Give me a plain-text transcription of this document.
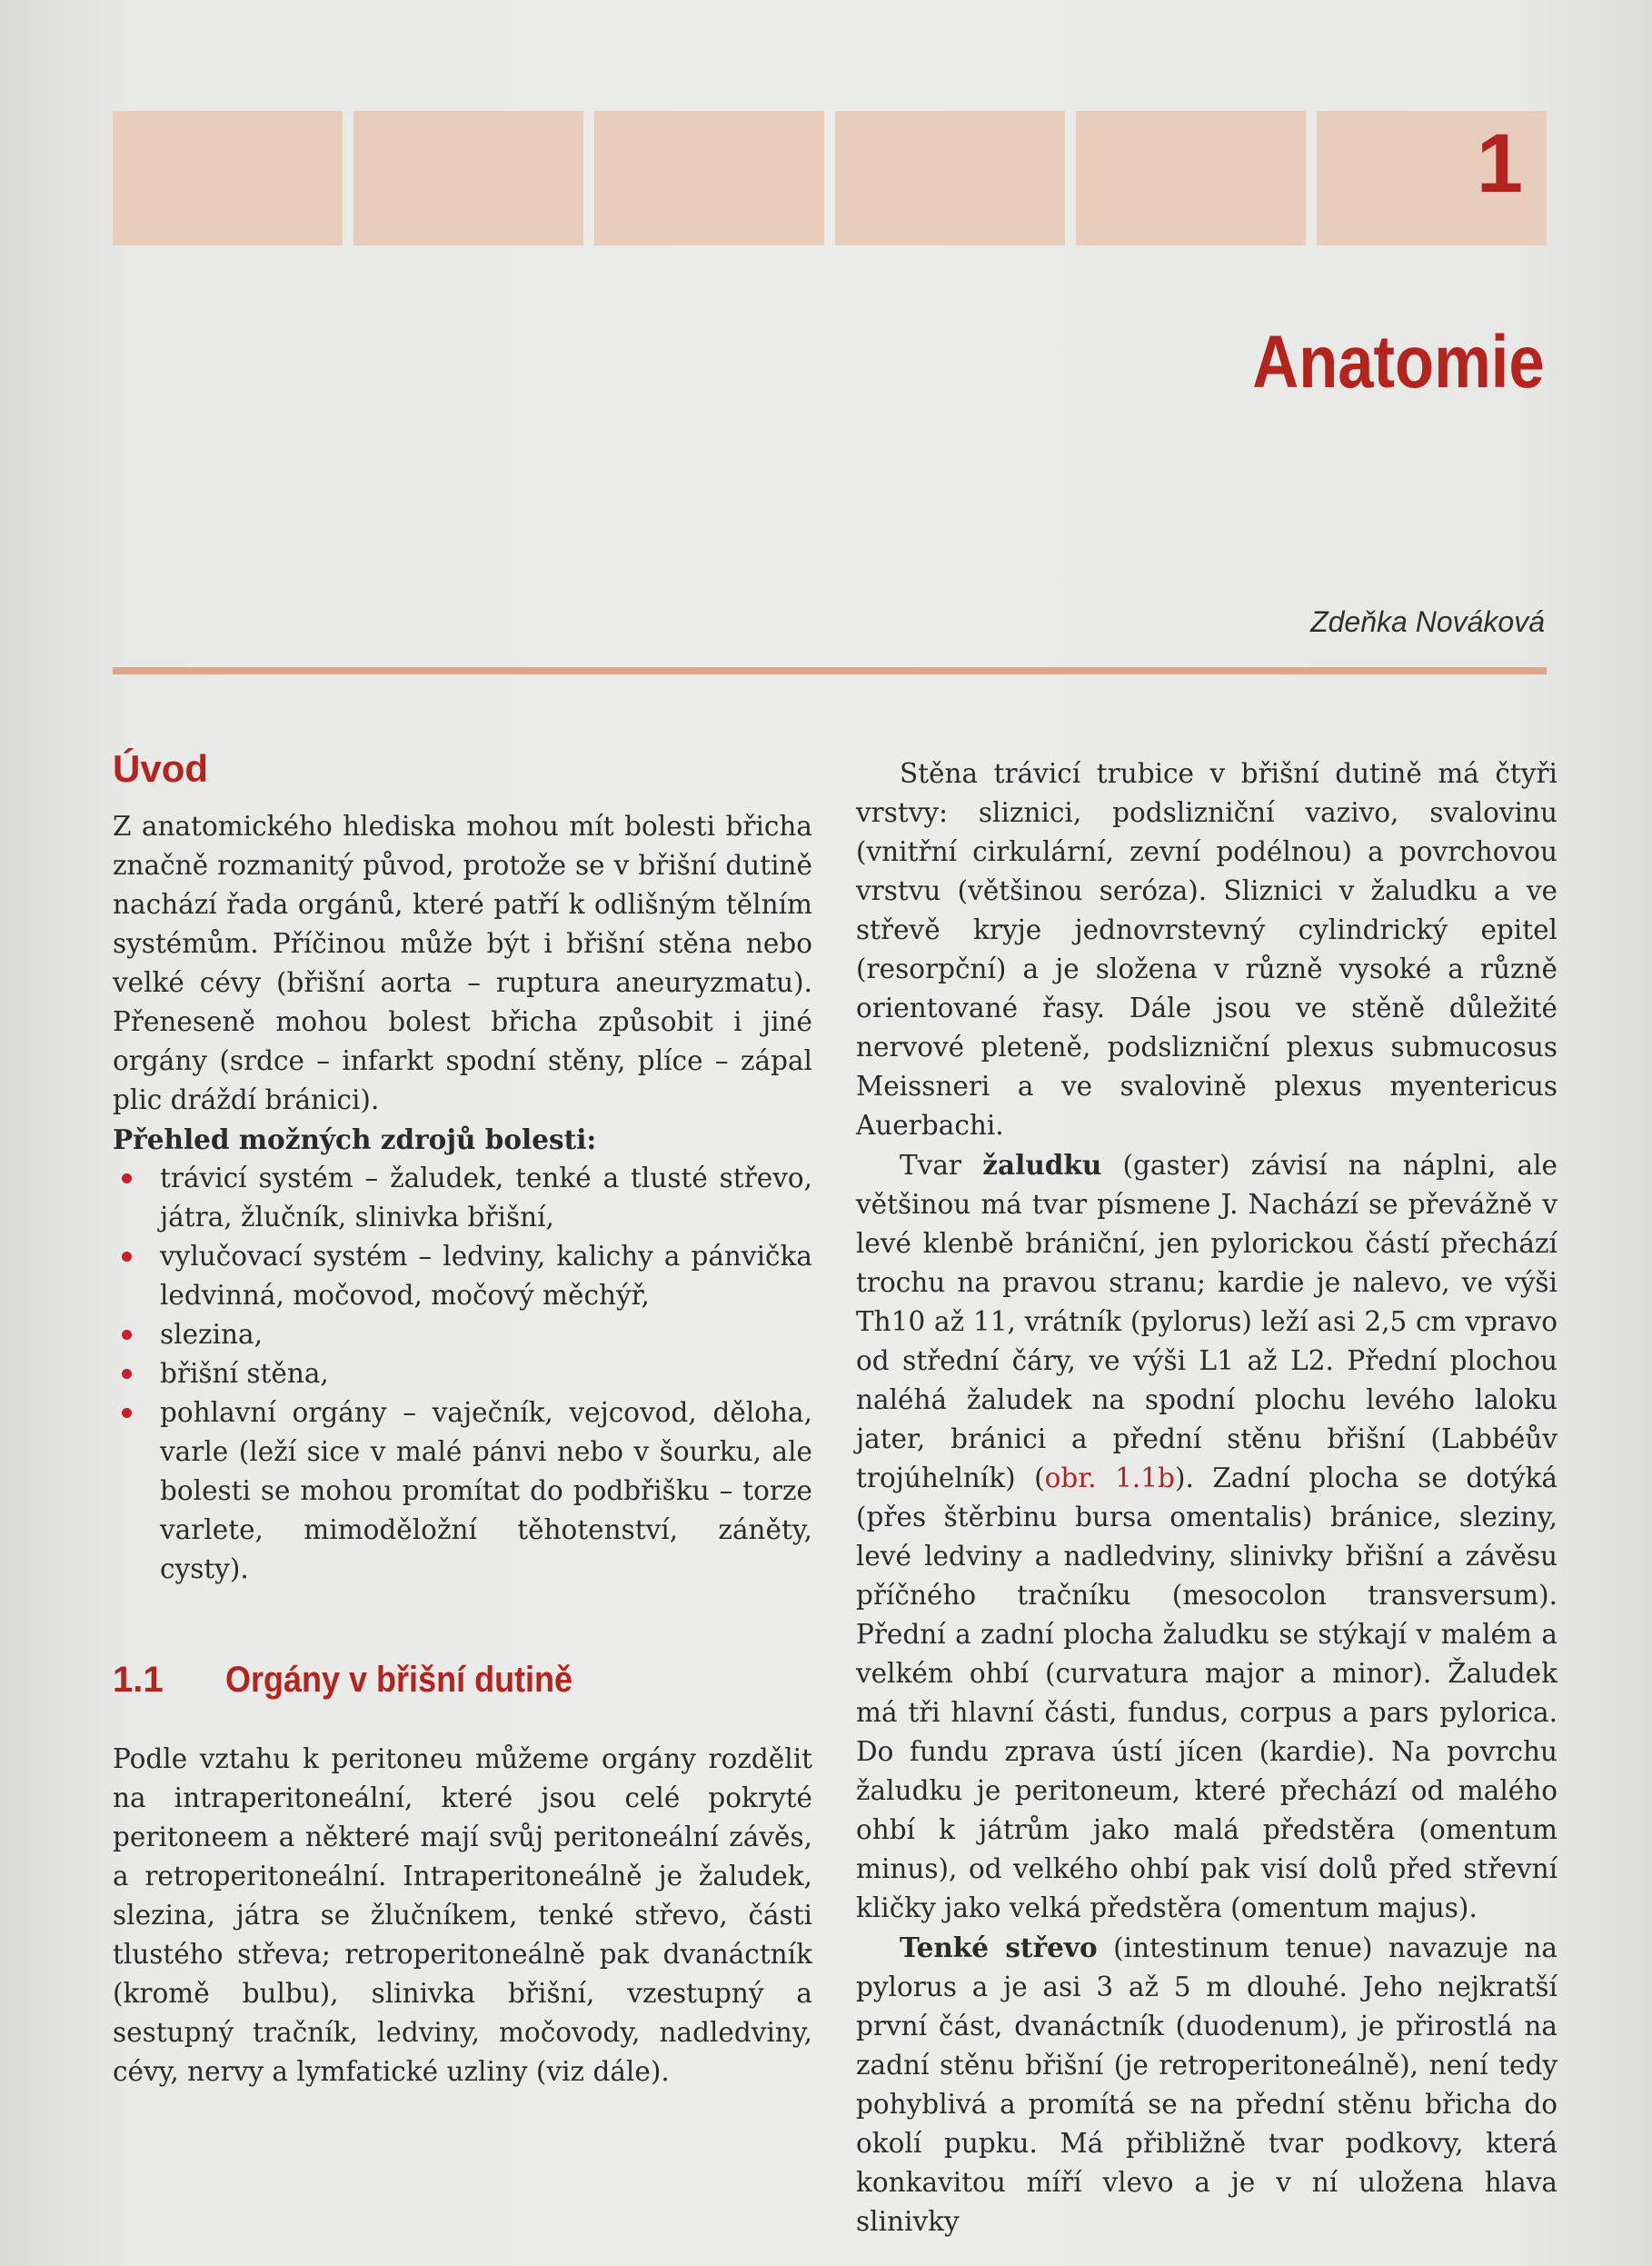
1
Anatomie
Zdeňka Nováková
Úvod

Z anatomického hlediska mohou mít bolesti břicha značně rozmanitý původ, protože se v břišní dutině nachází řada orgánů, které patří k odlišným tělním systémům. Příčinou může být i břišní stěna nebo velké cévy (břišní aorta – ruptura aneuryzmatu). Přeneseně mohou bolest břicha způsobit i jiné orgány (srdce – infarkt spodní stěny, plíce – zápal plic dráždí bránici).

Přehled možných zdrojů bolesti:

trávicí systém – žaludek, tenké a tlusté střevo, játra, žlučník, slinivka břišní,
vylučovací systém – ledviny, kalichy a pánvička ledvinná, močovod, močový měchýř,
slezina,
břišní stěna,
pohlavní orgány – vaječník, vejcovod, děloha, varle (leží sice v malé pánvi nebo v šourku, ale bolesti se mohou promítat do podbřišku – torze varlete, mimoděložní těhotenství, záněty, cysty).
1.1	Orgány v břišní dutině

Podle vztahu k peritoneu můžeme orgány rozdělit na intraperitoneální, které jsou celé pokryté peritoneem a některé mají svůj peritoneální závěs, a retroperitoneální. Intraperitoneálně je žaludek, slezina, játra se žlučníkem, tenké střevo, části tlustého střeva; retroperitoneálně pak dvanáctník (kromě bulbu), slinivka břišní, vzestupný a sestupný tračník, ledviny, močovody, nadledviny, cévy, nervy a lymfatické uzliny (viz dále).

Stěna trávicí trubice v břišní dutině má čtyři vrstvy: sliznici, podslizniční vazivo, svalovinu (vnitřní cirkulární, zevní podélnou) a povrchovou vrstvu (většinou seróza). Sliznici v žaludku a ve střevě kryje jednovrstevný cylindrický epitel (resorpční) a je složena v různě vysoké a různě orientované řasy. Dále jsou ve stěně důležité nervové pleteně, podslizniční plexus submucosus Meissneri a ve svalovině plexus myentericus Auerbachi.

Tvar žaludku (gaster) závisí na náplni, ale většinou má tvar písmene J. Nachází se převážně v levé klenbě brániční, jen pylorickou částí přechází trochu na pravou stranu; kardie je nalevo, ve výši Th10 až 11, vrátník (pylorus) leží asi 2,5 cm vpravo od střední čáry, ve výši L1 až L2. Přední plochou naléhá žaludek na spodní plochu levého laloku jater, bránici a přední stěnu břišní (Labbéův trojúhelník) (obr. 1.1b). Zadní plocha se dotýká (přes štěrbinu bursa omentalis) bránice, sleziny, levé ledviny a nadledviny, slinivky břišní a závěsu příčného tračníku (mesocolon transversum). Přední a zadní plocha žaludku se stýkají v malém a velkém ohbí (curvatura major a minor). Žaludek má tři hlavní části, fundus, corpus a pars pylorica. Do fundu zprava ústí jícen (kardie). Na povrchu žaludku je peritoneum, které přechází od malého ohbí k játrům jako malá předstěra (omentum minus), od velkého ohbí pak visí dolů před střevní kličky jako velká předstěra (omentum majus).

Tenké střevo (intestinum tenue) navazuje na pylorus a je asi 3 až 5 m dlouhé. Jeho nejkratší první část, dvanáctník (duodenum), je přirostlá na zadní stěnu břišní (je retroperitoneálně), není tedy pohyblivá a promítá se na přední stěnu břicha do okolí pupku. Má přibližně tvar podkovy, která konkavitou míří vlevo a je v ní uložena hlava slinivky
